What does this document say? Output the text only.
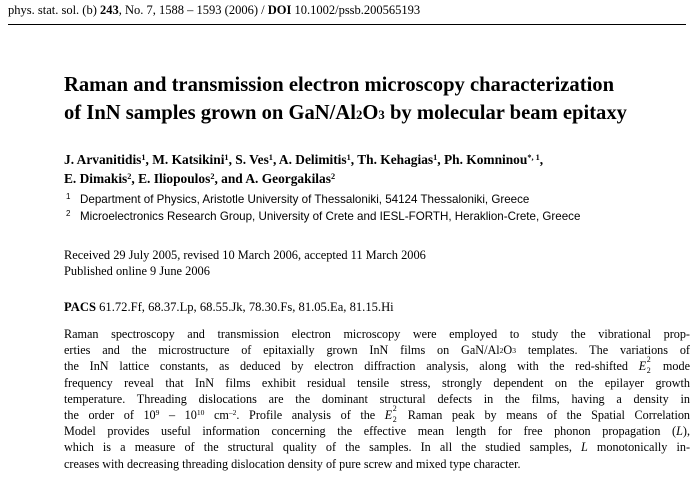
phys. stat. sol. (b) 243, No. 7, 1588 – 1593 (2006) / DOI 10.1002/pssb.200565193
Raman and transmission electron microscopy characterization
of InN samples grown on GaN/$Al_2O_3$ by molecular beam epitaxy
J. Arvanitidis$^1$, M. Katsikini$^1$, S. Ves$^1$, A. Delimitis$^1$, Th. Kehagias$^1$, Ph. Komninou$^{*, 1}$,
E. Dimakis$^2$, E. Iliopoulos$^2$, and A. Georgakilas$^2$
1 Department of Physics, Aristotle University of Thessaloniki, 54124 Thessaloniki, Greece
2 Microelectronics Research Group, University of Crete and IESL-FORTH, Heraklion-Crete, Greece
Received 29 July 2005, revised 10 March 2006, accepted 11 March 2006
Published online 9 June 2006
PACS 61.72.Ff, 68.37.Lp, 68.55.Jk, 78.30.Fs, 81.05.Ea, 81.15.Hi
Raman spectroscopy and transmission electron microscopy were employed to study the vibrational prop-
erties and the microstructure of epitaxially grown InN films on GaN/$Al_2O_3$ templates. The variations of
the InN lattice constants, as deduced by electron diffraction analysis, along with the red-shifted E 2
2 mode
frequency reveal that InN films exhibit residual tensile stress, strongly dependent on the epilayer growth
temperature. Threading dislocations are the dominant structural defects in the films, having a density in
the order of $10^9 - 10^{10}$ $cm^{-2}$. Profile analysis of the E 2
2 Raman peak by means of the Spatial Correlation
Model provides useful information concerning the effective mean length for free phonon propagation (L),
which is a measure of the structural quality of the samples. In all the studied samples, L monotonically in-
creases with decreasing threading dislocation density of pure screw and mixed type character.
